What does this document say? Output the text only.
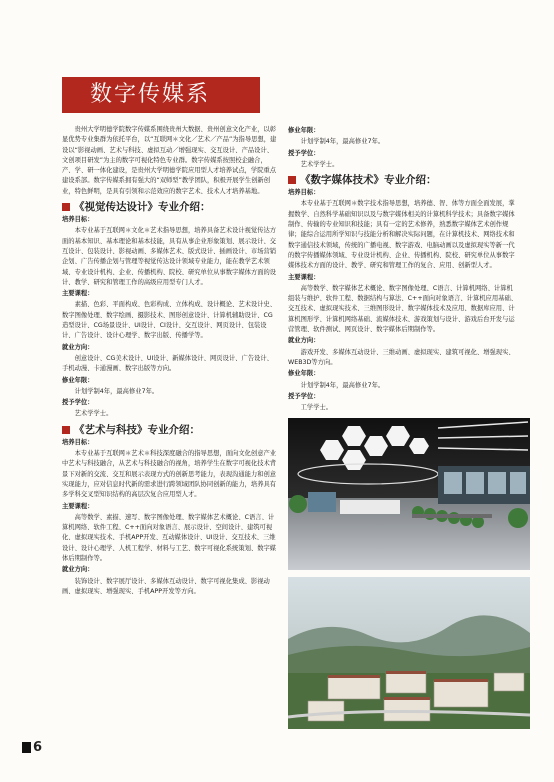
数字传媒系

贵州大学明德学院数字传媒系围绕贵州大数据、贵州创意文化产业，以彰显优势专业集群为依托平台，以“互联网＊文化／艺术／产品”为指导思想，建设以“影视动画、艺术与科技、虚拟互动／增强现实、交互设计、产品设计、文创项目研发”为主的数字可视化特色专业群。数字传媒系按照校企融合，产、学、研一体化建设，是贵州大学明德学院应用型人才培养试点，学院重点建设系部。数字传媒系拥有强大的“双师型”教学团队，积极开展学生创新创业，特色鲜明，是具有引领和示范效应的数字艺术、技术人才培养基地。

《视觉传达设计》专业介绍：
培养目标：

本专业基于互联网＊文化＊艺术指导思想，培养具备艺术设计视觉传达方面的基本知识、基本理论和基本技能，具有从事企业形象策划、展示设计、交互设计、包装设计、影视动画、多媒体艺术、版式设计、插画设计、市场营销企划、广告传播企划与管理等视觉传达设计领域专业能力，能在教学艺术领域、专业设计机构、企业、传播机构、院校、研究单位从事数字媒体方面的设计、教学、研究和管理工作的高级应用型专门人才。

主要课程：

素描、色彩、平面构成、色彩构成、立体构成、设计概论、艺术设计史、数字图像处理、数字绘画、摄影技术、图形创意设计、计算机辅助设计、CG造型设计、CG场景设计、UI设计、CI设计、交互设计、网页设计、包装设计、广告设计、设计心理学、数字出版、传播学等。

就业方向：

创意设计、CG美术设计、UI设计、新媒体设计、网页设计、广告设计、手机动漫、卡通漫画、数字出版等方向。

修业年限：

计划学制4年，最高修业7年。

授予学位：

艺术学学士。

《艺术与科技》专业介绍：
培养目标：

本专业基于互联网＊艺术＊科技深度融合的指导思想，面向文化创意产业中艺术与科技融合，从艺术与科技融合的视角，培养学生在数字可视化技术背景下对新的交流、交互和展示表现方式的创新思考能力，表现沟通能力和创意实现能力，应对信息时代新的需求进行跨领域团队协同创新的能力，培养具有多学科交叉型知识结构的高层次复合应用型人才。

主要课程：

高等数学、素描、速写、数字图像处理、数字媒体艺术概论、C语言、计算机网络、软件工程、C++面向对象语言、展示设计、空间设计、建筑可视化、虚拟现实技术、手机APP开发、互动媒体设计、UI设计、交互技术、三维设计、设计心理学、人机工程学、材料与工艺、数字可视化系统策划、数字媒体后期制作等。

就业方向：

装饰设计、数字展厅设计、多媒体互动设计、数字可视化集成、影视动画、虚拟现实、增强现实、手机APP开发等方向。

修业年限：

计划学制4年，最高修业7年。

授予学位：

艺术学学士。

《数字媒体技术》专业介绍：
培养目标：

本专业基于互联网＊数字技术指导思想，培养德、智、体等方面全面发展，掌握数学、自然科学基础知识以及与数字媒体相关的计算机科学技术；具备数字媒体制作、传输的专业知识和技能；具有一定的艺术修养，熟悉数字媒体艺术创作规律；能综合运用所学知识与技能分析和解决实际问题，在计算机技术、网络技术和数字通信技术领域，传统的广播电视、数字游戏、电脑动画以及虚拟现实等新一代的数字传播媒体领域、专业设计机构、企业、传播机构、院校、研究单位从事数字媒体技术方面的设计、教学、研究和管理工作的复合、应用、创新型人才。

主要课程：

高等数学、数字媒体艺术概论、数字图像处理、C语言、计算机网络、计算机组装与维护、软件工程、数据结构与算法、C++面向对象语言、计算机应用基础、交互技术、虚拟现实技术、三维图形设计、数字媒体技术及应用、数据库应用、计算机图形学、计算机网络基础、流媒体技术、游戏策划与设计、游戏后台开发与运营管理、软件测试、网页设计、数字媒体后期制作等。

就业方向：

游戏开发、多媒体互动设计、三维动画、虚拟现实、建筑可视化、增强现实、WEB3D等方向。

修业年限：

计划学制4年，最高修业7年。

授予学位：

工学学士。

6
